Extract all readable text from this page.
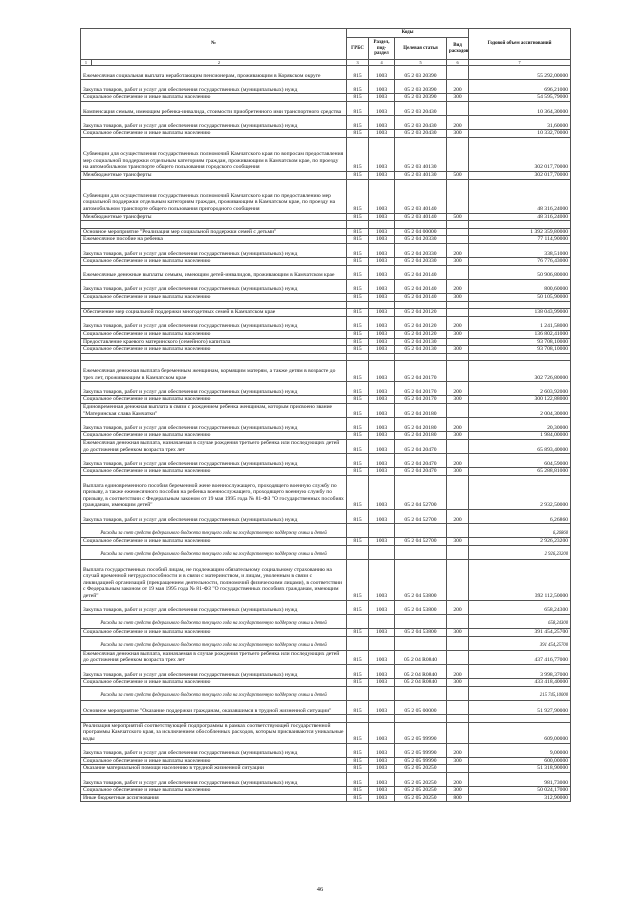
№		Коды				Годовой объем ассигнований
		ГРБС	Раздел, под-раздел	Целевая статья	Вид расходов	
1	2	3	4	5	6	7
Ежемесячная социальная выплата неработающим пенсионерам, проживающим в Корякском округе		815	1003	05 2 03 20390		55 292,00000
Закупка товаров, работ и услуг для обеспечения государственных (муниципальных) нужд		815	1003	05 2 03 20390	200	696,21000
Социальное обеспечение и иные выплаты населению		815	1003	05 2 03 20390	300	54 595,79000
Компенсация семьям, имеющим ребенка-инвалида, стоимости приобретенного ими транспортного средства		815	1003	05 2 03 20430		10 364,30000
Закупка товаров, работ и услуг для обеспечения государственных (муниципальных) нужд		815	1003	05 2 03 20430	200	31,60000
Социальное обеспечение и иные выплаты населению		815	1003	05 2 03 20430	300	10 332,70000
Субвенции для осуществления государственных полномочий Камчатского края по вопросам предоставления мер социальной поддержки отдельным категориям граждан, проживающим в Камчатском крае, по проезду на автомобильном транспорте общего пользования городского сообщения		815	1003	05 2 03 40130		302 017,70000
Межбюджетные трансферты		815	1003	05 2 03 40130	500	302 017,70000
Субвенции для осуществления государственных полномочий Камчатского края по предоставлению мер социальной поддержки отдельным категориям граждан, проживающим в Камчатском крае, по проезду на автомобильном транспорте общего пользования пригородного сообщения		815	1003	05 2 03 40140		48 316,24000
Межбюджетные трансферты		815	1003	05 2 03 40140	500	48 316,24000

Основное мероприятие "Реализация мер социальной поддержки семей с детьми"		815	1003	05 2 04 00000		1 392 359,80000
Ежемесячное пособие на ребенка		815	1003	05 2 04 20330		77 114,90000
Закупка товаров, работ и услуг для обеспечения государственных (муниципальных) нужд		815	1003	05 2 04 20330	200	338,51000
Социальное обеспечение и иные выплаты населению		815	1003	05 2 04 20330	300	76 776,43000
Ежемесячные денежные выплаты семьям, имеющим детей-инвалидов, проживающим в Камчатском крае		815	1003	05 2 04 20140		50 906,80000
Закупка товаров, работ и услуг для обеспечения государственных (муниципальных) нужд		815	1003	05 2 04 20140	200	800,60000
Социальное обеспечение и иные выплаты населению		815	1003	05 2 04 20140	300	50 105,90000

Обеспечение мер социальной поддержки многодетных семей в Камчатском крае		815	1003	05 2 04 20120		138 043,99000
Закупка товаров, работ и услуг для обеспечения государственных (муниципальных) нужд		815	1003	05 2 04 20120	200	1 241,58000
Социальное обеспечение и иные выплаты населению		815	1003	05 2 04 20120	300	136 802,41000
Предоставление краевого материнского (семейного) капитала		815	1003	05 2 04 20130		93 708,10000
Социальное обеспечение и иные выплаты населению		815	1003	05 2 04 20130	300	93 708,10000

Ежемесячная денежная выплата беременным женщинам, кормящим матерям, а также детям в возрасте до трех лет, проживающим в Камчатском крае		815	1003	05 2 04 20170		302 726,80000
Закупка товаров, работ и услуг для обеспечения государственных (муниципальных) нужд		815	1003	05 2 04 20170	200	2 603,92000
Социальное обеспечение и иные выплаты населению		815	1003	05 2 04 20170	300	300 122,88000
Единовременная денежная выплата в связи с рождением ребенка женщинам, которым присвоено звание "Материнская слава Камчатки"		815	1003	05 2 04 20180		2 004,30000
Закупка товаров, работ и услуг для обеспечения государственных (муниципальных) нужд		815	1003	05 2 04 20180	200	20,30000
Социальное обеспечение и иные выплаты населению		815	1003	05 2 04 20180	300	1 984,00000
Ежемесячная денежная выплата, назначаемая в случае рождения третьего ребенка или последующих детей до достижения ребенком возраста трех лет		815	1003	05 2 04 20470		65 893,40000
Закупка товаров, работ и услуг для обеспечения государственных (муниципальных) нужд		815	1003	05 2 04 20470	200	604,59000
Социальное обеспечение и иные выплаты населению		815	1003	05 2 04 20470	300	65 288,81000
Выплата единовременного пособия беременной жене военнослужащего, проходящего военную службу по призыву, а также ежемесячного пособия на ребенка военнослужащего, проходящего военную службу по призыву, в соответствии с Федеральным законом от 19 мая 1995 года № 81-ФЗ "О государственных пособиях гражданам, имеющим детей"		815	1003	05 2 04 52700		2 932,50000
Закупка товаров, работ и услуг для обеспечения государственных (муниципальных) нужд		815	1003	05 2 04 52700	200	6,26860
Расходы за счет средств федерального бюджета текущего года на государственную поддержку семьи и детей						6,26860
Социальное обеспечение и иные выплаты населению		815	1003	05 2 04 52700	300	2 926,23200
Расходы за счет средств федерального бюджета текущего года на государственную поддержку семьи и детей						2 926,23200
Выплата государственных пособий лицам, не подлежащим обязательному социальному страхованию на случай временной нетрудоспособности и в связи с материнством, и лицам, уволенным в связи с ликвидацией организаций (прекращением деятельности, полномочий физическими лицами), в соответствии с Федеральным законом от 19 мая 1995 года № 81-ФЗ "О государственных пособиях гражданам, имеющим детей"		815	1003	05 2 04 53800		392 112,50000
Закупка товаров, работ и услуг для обеспечения государственных (муниципальных) нужд		815	1003	05 2 04 53800	200	658,24300
Расходы за счет средств федерального бюджета текущего года на государственную поддержку семьи и детей						658,24300
Социальное обеспечение и иные выплаты населению		815	1003	05 2 04 53800	300	391 454,25700
Расходы за счет средств федерального бюджета текущего года на государственную поддержку семьи и детей						391 454,25700
Ежемесячная денежная выплата, назначаемая в случае рождения третьего ребенка или последующих детей до достижения ребенком возраста трех лет		815	1003	05 2 04 R0840		437 416,77000
Закупка товаров, работ и услуг для обеспечения государственных (муниципальных) нужд		815	1003	05 2 04 R0840	200	3 998,37000
Социальное обеспечение и иные выплаты населению		815	1003	05 2 04 R0840	300	433 418,40000
Расходы за счет средств федерального бюджета текущего года на государственную поддержку семьи и детей						215 745,10000
Основное мероприятие "Оказание поддержки гражданам, оказавшимся в трудной жизненной ситуации"		815	1003	05 2 05 00000		51 927,90000

Реализация мероприятий соответствующей подпрограммы в рамках соответствующей государственной программы Камчатского края, за исключением обособленных расходов, которым присваиваются уникальные коды		815	1003	05 2 05 99990		609,00000
Закупка товаров, работ и услуг для обеспечения государственных (муниципальных) нужд		815	1003	05 2 05 99990	200	9,00000
Социальное обеспечение и иные выплаты населению		815	1003	05 2 05 99990	300	600,00000
Оказание материальной помощи населению в трудной жизненной ситуации		815	1003	05 2 05 20250		51 318,90000
Закупка товаров, работ и услуг для обеспечения государственных (муниципальных) нужд		815	1003	05 2 05 20250	200	981,73000
Социальное обеспечение и иные выплаты населению		815	1003	05 2 05 20250	300	50 024,17000
Иные бюджетные ассигнования		815	1003	05 2 05 20250	800	312,90000
46
